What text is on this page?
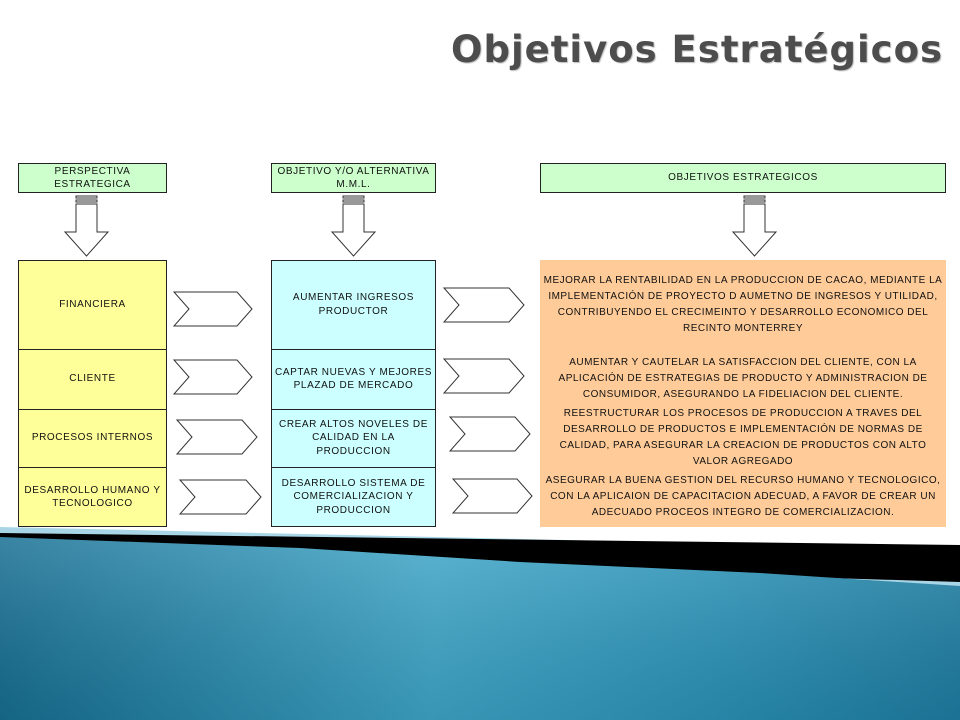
Objetivos Estratégicos
PERSPECTIVA ESTRATEGICA
OBJETIVO Y/O ALTERNATIVA M.M.L.
OBJETIVOS ESTRATEGICOS
FINANCIERA
CLIENTE
PROCESOS INTERNOS
DESARROLLO HUMANO Y TECNOLOGICO
AUMENTAR INGRESOS PRODUCTOR
CAPTAR NUEVAS Y MEJORES PLAZAD DE MERCADO
CREAR ALTOS NOVELES DE CALIDAD EN LA PRODUCCION
DESARROLLO SISTEMA DE COMERCIALIZACION Y PRODUCCION
MEJORAR LA RENTABILIDAD EN LA PRODUCCION DE CACAO, MEDIANTE LA IMPLEMENTACIÓN DE PROYECTO D AUMETNO DE INGRESOS Y UTILIDAD, CONTRIBUYENDO EL CRECIMEINTO Y DESARROLLO ECONOMICO DEL RECINTO MONTERREY
AUMENTAR Y CAUTELAR LA SATISFACCION DEL CLIENTE, CON LA APLICACIÓN DE ESTRATEGIAS DE PRODUCTO Y ADMINISTRACION DE CONSUMIDOR, ASEGURANDO LA FIDELIACION DEL CLIENTE.
REESTRUCTURAR LOS PROCESOS DE PRODUCCION A TRAVES DEL DESARROLLO DE PRODUCTOS E IMPLEMENTACIÓN DE NORMAS DE CALIDAD, PARA ASEGURAR LA CREACION DE PRODUCTOS CON ALTO VALOR AGREGADO
ASEGURAR LA BUENA GESTION DEL RECURSO HUMANO Y TECNOLOGICO, CON LA APLICAION DE CAPACITACION ADECUAD, A FAVOR DE CREAR UN ADECUADO PROCEOS INTEGRO DE COMERCIALIZACION.
